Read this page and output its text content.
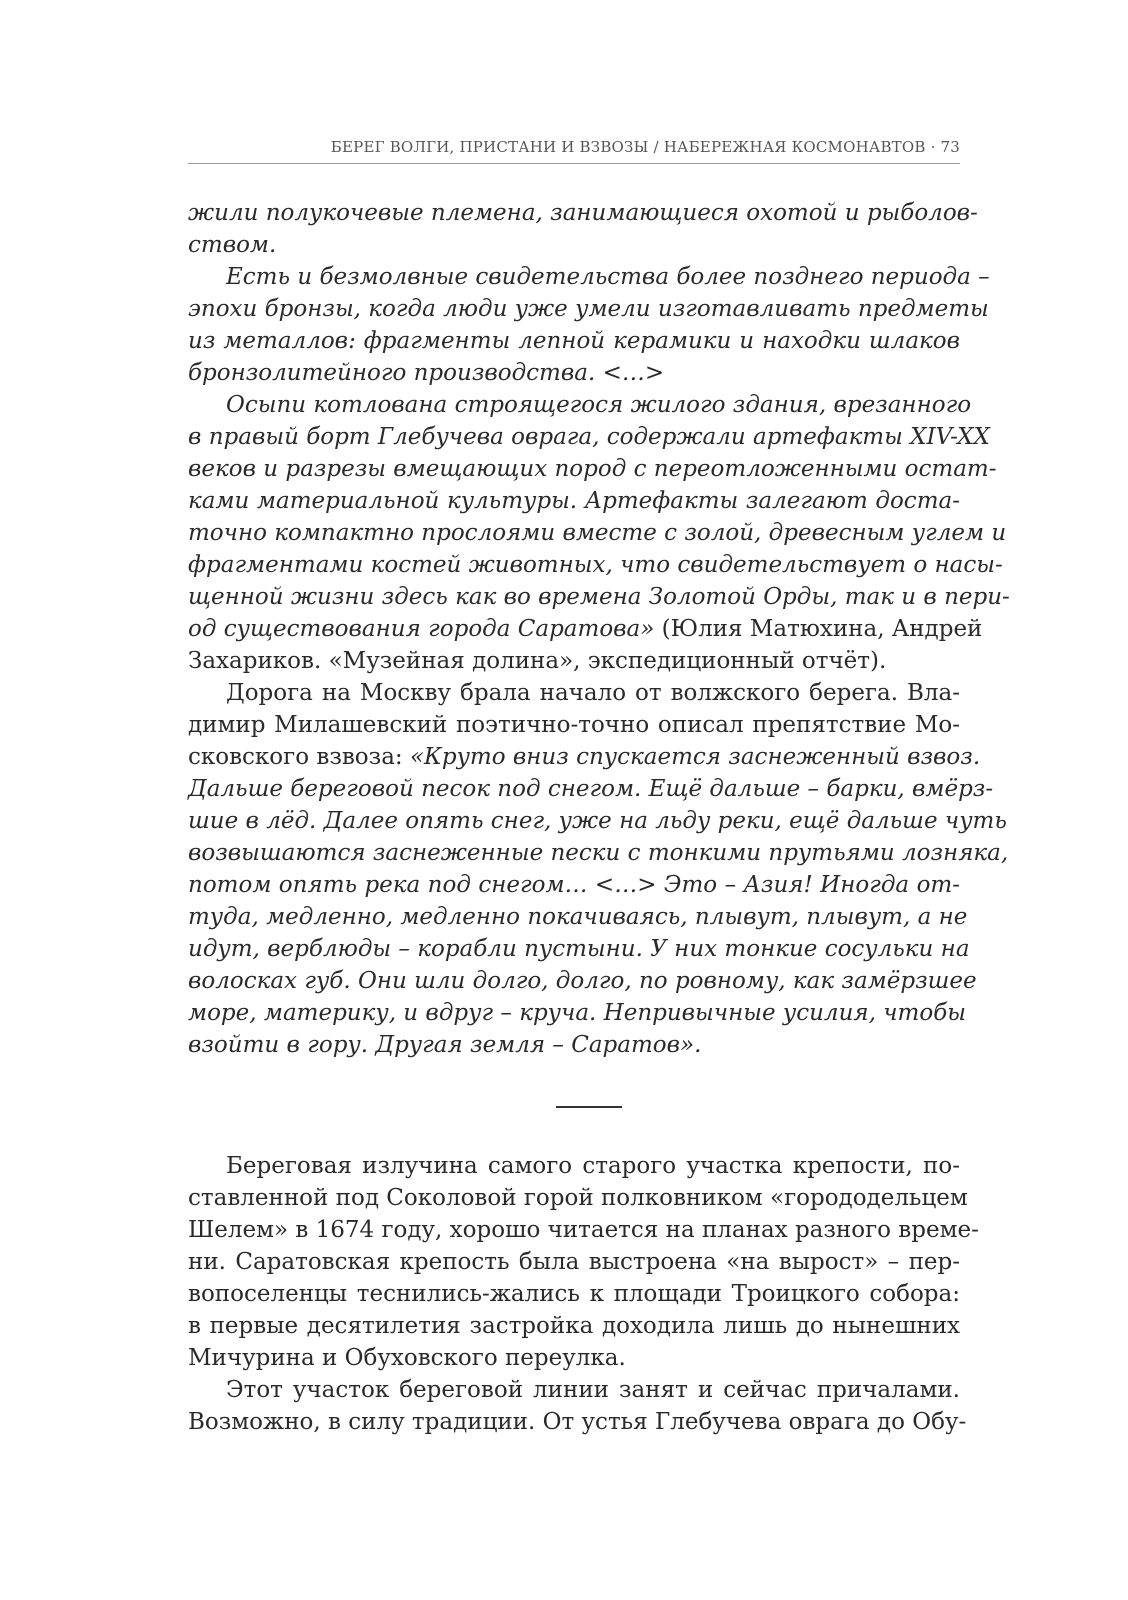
БЕРЕГ ВОЛГИ, ПРИСТАНИ И ВЗВОЗЫ / НАБЕРЕЖНАЯ КОСМОНАВТОВ · 73
жили полукочевые племена, занимающиеся охотой и рыболов-
ством.
Есть и безмолвные свидетельства более позднего периода –
эпохи бронзы, когда люди уже умели изготавливать предметы
из металлов: фрагменты лепной керамики и находки шлаков
бронзолитейного производства. <…>
Осыпи котлована строящегося жилого здания, врезанного
в правый борт Глебучева оврага, содержали артефакты XIV-XX
веков и разрезы вмещающих пород с переотложенными остат-
ками материальной культуры. Артефакты залегают доста-
точно компактно прослоями вместе с золой, древесным углем и
фрагментами костей животных, что свидетельствует о насы-
щенной жизни здесь как во времена Золотой Орды, так и в пери-
од существования города Саратова» (Юлия Матюхина, Андрей
Захариков. «Музейная долина», экспедиционный отчёт).
Дорога на Москву брала начало от волжского берега. Вла-
димир Милашевский поэтично-точно описал препятствие Мо-
сковского взвоза: «Круто вниз спускается заснеженный взвоз.
Дальше береговой песок под снегом. Ещё дальше – барки, вмёрз-
шие в лёд. Далее опять снег, уже на льду реки, ещё дальше чуть
возвышаются заснеженные пески с тонкими прутьями лозняка,
потом опять река под снегом… <…> Это – Азия! Иногда от-
туда, медленно, медленно покачиваясь, плывут, плывут, а не
идут, верблюды – корабли пустыни. У них тонкие сосульки на
волосках губ. Они шли долго, долго, по ровному, как замёрзшее
море, материку, и вдруг – круча. Непривычные усилия, чтобы
взойти в гору. Другая земля – Саратов».
Береговая излучина самого старого участка крепости, по-
ставленной под Соколовой горой полковником «горододельцем
Шелем» в 1674 году, хорошо читается на планах разного време-
ни. Саратовская крепость была выстроена «на вырост» – пер-
вопоселенцы теснились-жались к площади Троицкого собора:
в первые десятилетия застройка доходила лишь до нынешних
Мичурина и Обуховского переулка.
Этот участок береговой линии занят и сейчас причалами.
Возможно, в силу традиции. От устья Глебучева оврага до Обу-
